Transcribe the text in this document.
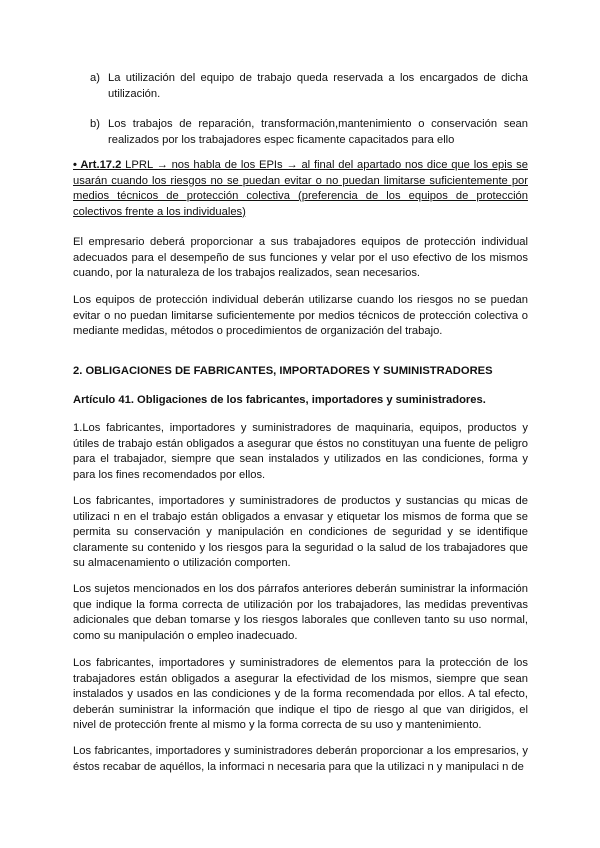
a) La utilización del equipo de trabajo queda reservada a los encargados de dicha utilización.

b) Los trabajos de reparación, transformación,mantenimiento o conservación sean realizados por los trabajadores espec ficamente capacitados para ello

• Art.17.2 LPRL → nos habla de los EPIs → al final del apartado nos dice que los epis se usarán cuando los riesgos no se puedan evitar o no puedan limitarse suficientemente por medios técnicos de protección colectiva (preferencia de los equipos de protección colectivos frente a los individuales)

El empresario deberá proporcionar a sus trabajadores equipos de protección individual adecuados para el desempeño de sus funciones y velar por el uso efectivo de los mismos cuando, por la naturaleza de los trabajos realizados, sean necesarios.

Los equipos de protección individual deberán utilizarse cuando los riesgos no se puedan evitar o no puedan limitarse suficientemente por medios técnicos de protección colectiva o mediante medidas, métodos o procedimientos de organización del trabajo.

2. OBLIGACIONES DE FABRICANTES, IMPORTADORES Y SUMINISTRADORES

Artículo 41. Obligaciones de los fabricantes, importadores y suministradores.

1.Los fabricantes, importadores y suministradores de maquinaria, equipos, productos y útiles de trabajo están obligados a asegurar que éstos no constituyan una fuente de peligro para el trabajador, siempre que sean instalados y utilizados en las condiciones, forma y para los fines recomendados por ellos.

Los fabricantes, importadores y suministradores de productos y sustancias qu micas de utilizaci n en el trabajo están obligados a envasar y etiquetar los mismos de forma que se permita su conservación y manipulación en condiciones de seguridad y se identifique claramente su contenido y los riesgos para la seguridad o la salud de los trabajadores que su almacenamiento o utilización comporten.

Los sujetos mencionados en los dos párrafos anteriores deberán suministrar la información que indique la forma correcta de utilización por los trabajadores, las medidas preventivas adicionales que deban tomarse y los riesgos laborales que conlleven tanto su uso normal, como su manipulación o empleo inadecuado.

Los fabricantes, importadores y suministradores de elementos para la protección de los trabajadores están obligados a asegurar la efectividad de los mismos, siempre que sean instalados y usados en las condiciones y de la forma recomendada por ellos. A tal efecto, deberán suministrar la información que indique el tipo de riesgo al que van dirigidos, el nivel de protección frente al mismo y la forma correcta de su uso y mantenimiento.

Los fabricantes, importadores y suministradores deberán proporcionar a los empresarios, y éstos recabar de aquéllos, la informaci n necesaria para que la utilizaci n y manipulaci n de
